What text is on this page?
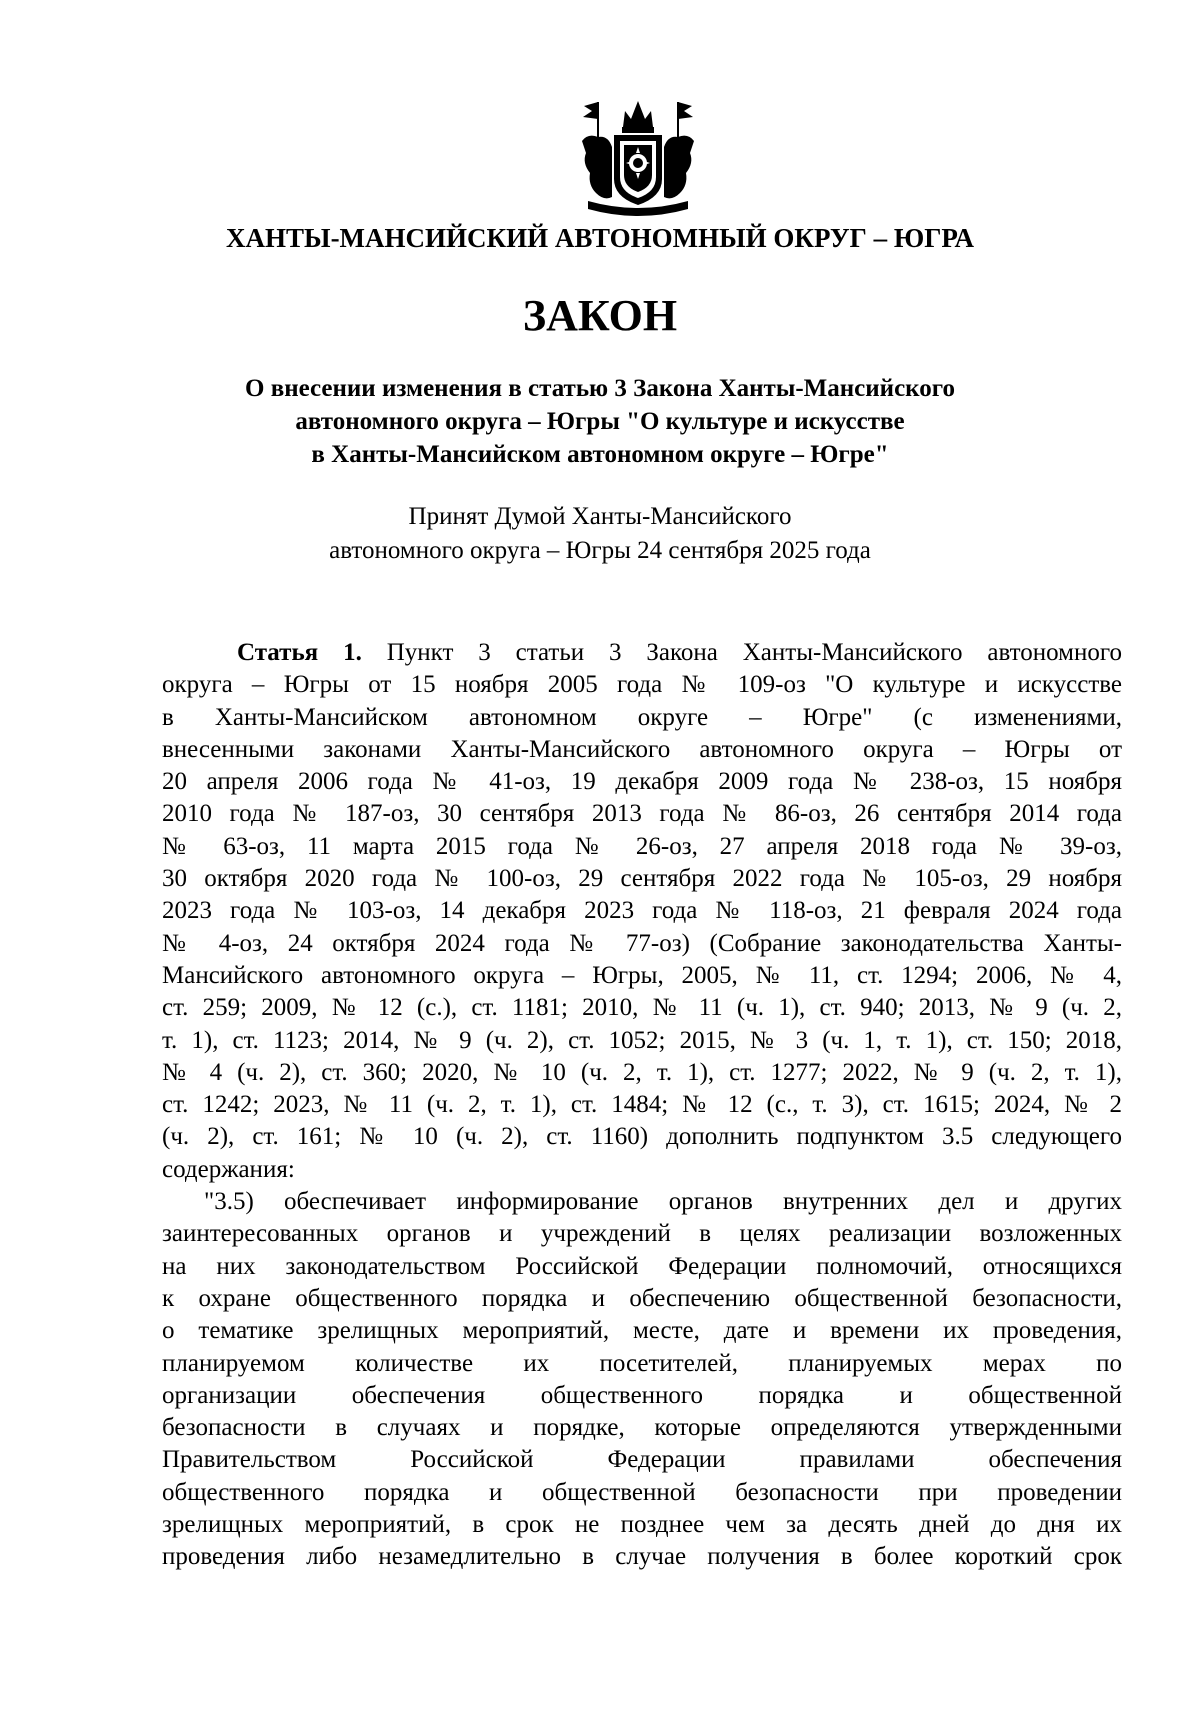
ХАНТЫ-МАНСИЙСКИЙ АВТОНОМНЫЙ ОКРУГ – ЮГРА
ЗАКОН
О внесении изменения в статью 3 Закона Ханты-Мансийского
автономного округа – Югры "О культуре и искусстве
в Ханты-Мансийском автономном округе – Югре"
Принят Думой Ханты-Мансийского
автономного округа – Югры 24 сентября 2025 года
Статья 1. Пункт 3 статьи 3 Закона Ханты-Мансийского автономного
округа – Югры от 15 ноября 2005 года № 109-оз "О культуре и искусстве
в Ханты-Мансийском автономном округе – Югре" (с изменениями,
внесенными законами Ханты-Мансийского автономного округа – Югры от
20 апреля 2006 года № 41-оз, 19 декабря 2009 года № 238-оз, 15 ноября
2010 года № 187-оз, 30 сентября 2013 года № 86-оз, 26 сентября 2014 года
№ 63-оз, 11 марта 2015 года № 26-оз, 27 апреля 2018 года № 39-оз,
30 октября 2020 года № 100-оз, 29 сентября 2022 года № 105-оз, 29 ноября
2023 года № 103-оз, 14 декабря 2023 года № 118-оз, 21 февраля 2024 года
№ 4-оз, 24 октября 2024 года № 77-оз) (Собрание законодательства Ханты-
Мансийского автономного округа – Югры, 2005, № 11, ст. 1294; 2006, № 4,
ст. 259; 2009, № 12 (с.), ст. 1181; 2010, № 11 (ч. 1), ст. 940; 2013, № 9 (ч. 2,
т. 1), ст. 1123; 2014, № 9 (ч. 2), ст. 1052; 2015, № 3 (ч. 1, т. 1), ст. 150; 2018,
№ 4 (ч. 2), ст. 360; 2020, № 10 (ч. 2, т. 1), ст. 1277; 2022, № 9 (ч. 2, т. 1),
ст. 1242; 2023, № 11 (ч. 2, т. 1), ст. 1484; № 12 (с., т. 3), ст. 1615; 2024, № 2
(ч. 2), ст. 161; № 10 (ч. 2), ст. 1160) дополнить подпунктом 3.5 следующего
содержания:
"3.5) обеспечивает информирование органов внутренних дел и других
заинтересованных органов и учреждений в целях реализации возложенных
на них законодательством Российской Федерации полномочий, относящихся
к охране общественного порядка и обеспечению общественной безопасности,
о тематике зрелищных мероприятий, месте, дате и времени их проведения,
планируемом количестве их посетителей, планируемых мерах по
организации обеспечения общественного порядка и общественной
безопасности в случаях и порядке, которые определяются утвержденными
Правительством Российской Федерации правилами обеспечения
общественного порядка и общественной безопасности при проведении
зрелищных мероприятий, в срок не позднее чем за десять дней до дня их
проведения либо незамедлительно в случае получения в более короткий срок
